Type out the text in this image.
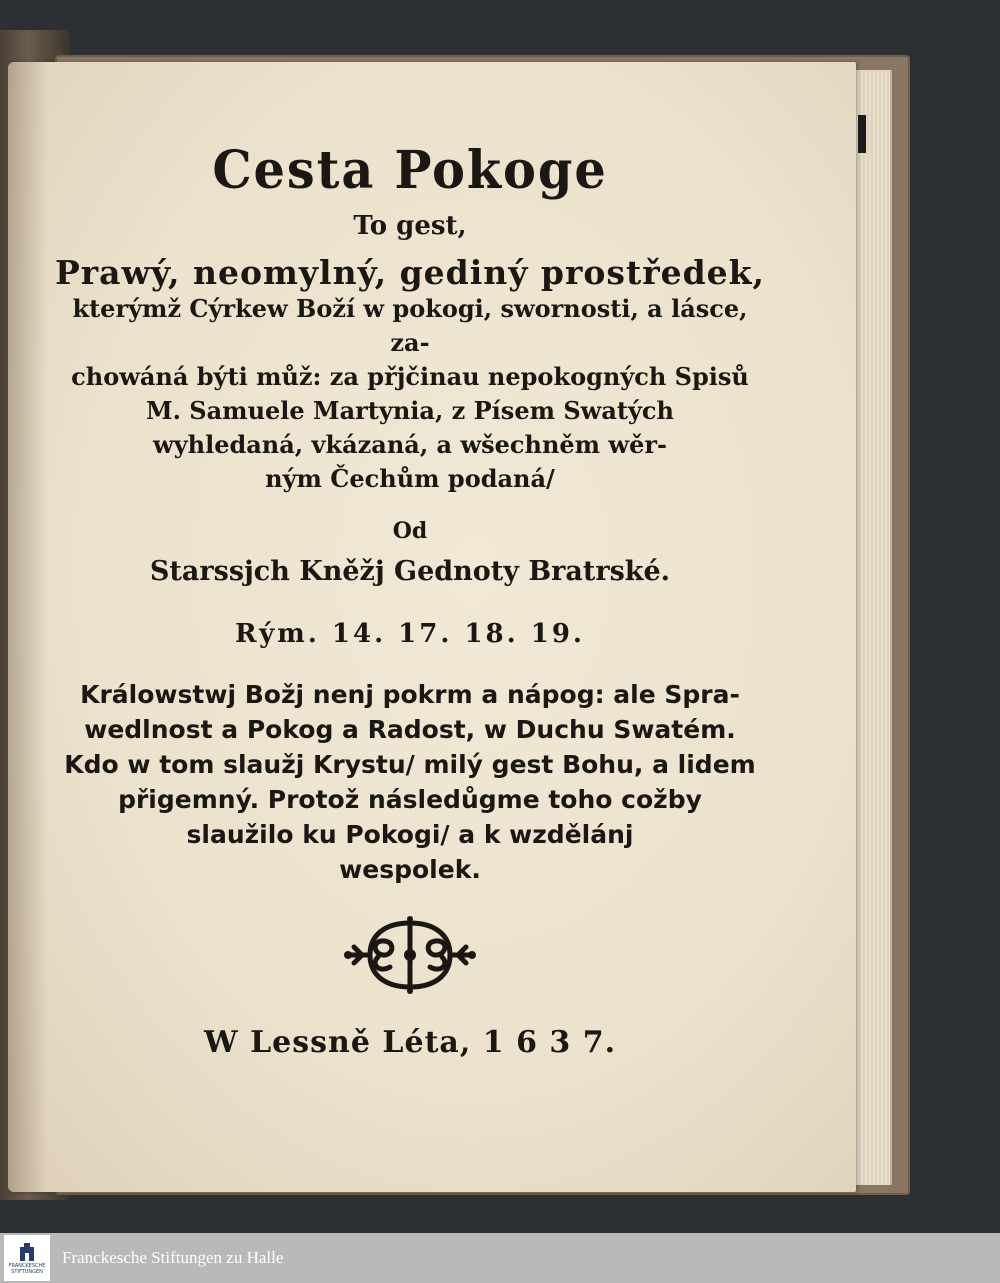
Cesta Pokoge
To gest,
Prawý, neomylný, gediný prostředek,
kterýmž Cýrkew Boží w pokogi, swornosti, a lásce, za-
chowáná býti můž: za přjčinau nepokogných Spisů
M. Samuele Martynia, z Písem Swatých
wyhledaná, vkázaná, a wšechněm wěr-
ným Čechům podaná/
Od
Starssjch Kněžj Gednoty Bratrské.
Rým. 14. 17. 18. 19.
Králowstwj Božj nenj pokrm a nápog: ale Spra-
wedlnost a Pokog a Radost, w Duchu Swatém.
Kdo w tom slaužj Krystu/ milý gest Bohu, a lidem
přigemný. Protož následůgme toho cožby
slaužilo ku Pokogi/ a k wzdělánj
wespolek.
W Lessně Léta, 1 6 3 7.
FRANCKESCHE
STIFTUNGEN
Franckesche Stiftungen zu Halle
